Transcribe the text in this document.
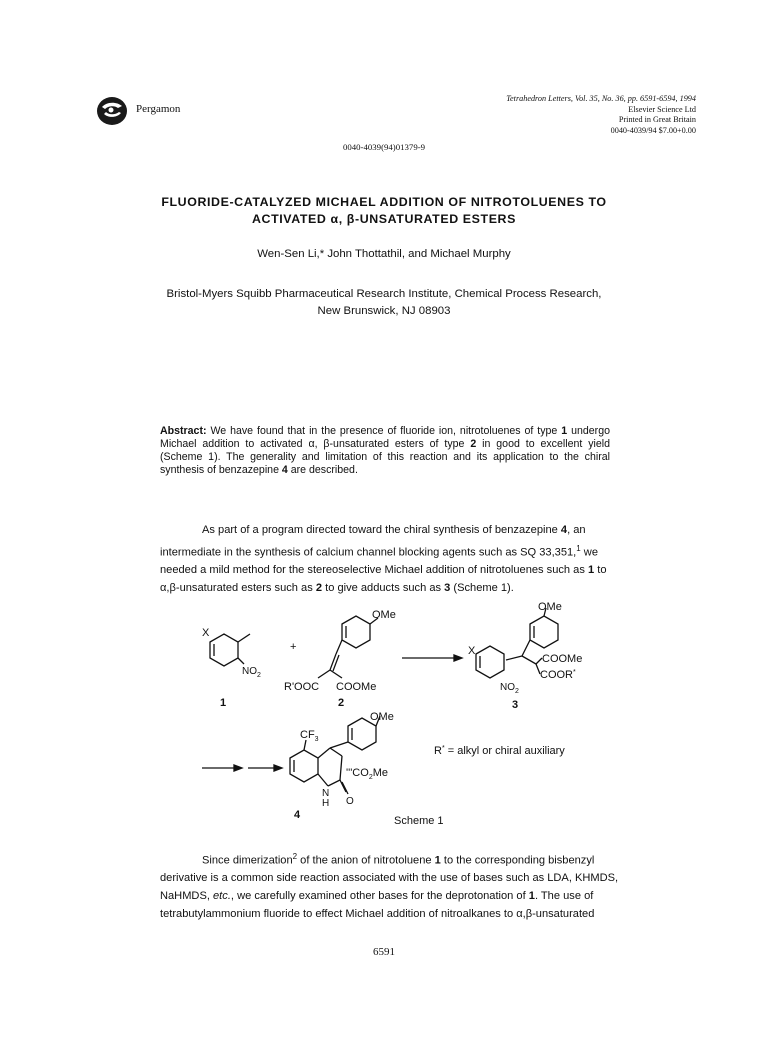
Pergamon
Tetrahedron Letters, Vol. 35, No. 36, pp. 6591-6594, 1994
Elsevier Science Ltd
Printed in Great Britain
0040-4039/94 $7.00+0.00
0040-4039(94)01379-9
FLUORIDE-CATALYZED MICHAEL ADDITION OF NITROTOLUENES TO
ACTIVATED α, β-UNSATURATED ESTERS
Wen-Sen Li,* John Thottathil, and Michael Murphy
Bristol-Myers Squibb Pharmaceutical Research Institute, Chemical Process Research,
New Brunswick, NJ 08903
Abstract: We have found that in the presence of fluoride ion, nitrotoluenes of type 1 undergo Michael addition to activated α, β-unsaturated esters of type 2 in good to excellent yield (Scheme 1). The generality and limitation of this reaction and its application to the chiral synthesis of benzazepine 4 are described.
As part of a program directed toward the chiral synthesis of benzazepine 4, an intermediate in the synthesis of calcium channel blocking agents such as SQ 33,351,$^1$ we needed a mild method for the stereoselective Michael addition of nitrotoluenes such as 1 to α,β-unsaturated esters such as 2 to give adducts such as 3 (Scheme 1).
X
$NO_2$
1
+
OMe
R'OOC COOMe
2
OMe
X
COOMe
COOR*
$NO_2$
3
OMe
$CF_3$
'''$CO_2Me$
N
H O
4
R* = alkyl or chiral auxiliary
Scheme 1
Since dimerization$^2$ of the anion of nitrotoluene 1 to the corresponding bisbenzyl derivative is a common side reaction associated with the use of bases such as LDA, KHMDS, NaHMDS, etc., we carefully examined other bases for the deprotonation of 1. The use of tetrabutylammonium fluoride to effect Michael addition of nitroalkanes to α,β-unsaturated
6591
